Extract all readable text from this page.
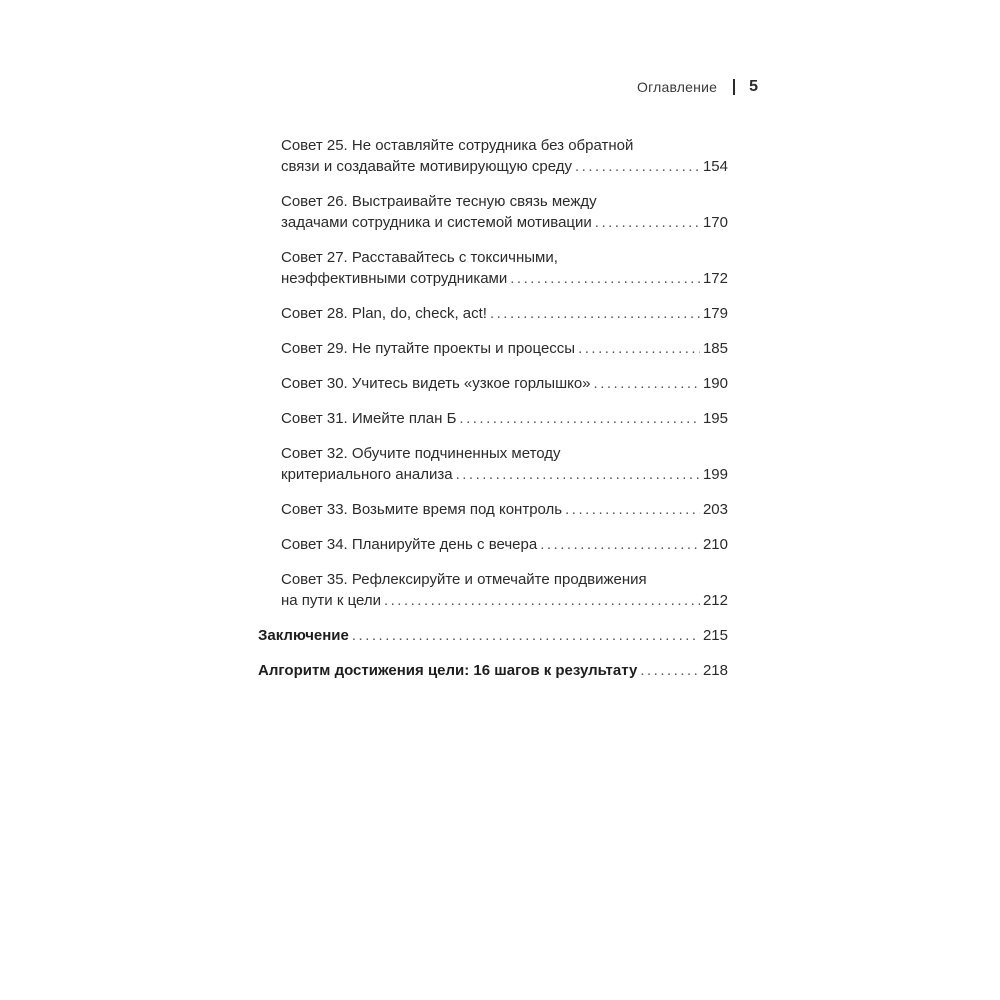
Оглавление 5
Совет 25. Не оставляйте сотрудника без обратной
связи и создавайте мотивирующую среду .....	154
Совет 26. Выстраивайте тесную связь между
задачами сотрудника и системой мотивации .....	170
Совет 27. Расставайтесь с токсичными,
неэффективными сотрудниками .....	172
Совет 28. Plan, do, check, act! .....	179
Совет 29. Не путайте проекты и процессы .....	185
Совет 30. Учитесь видеть «узкое горлышко» .....	190
Совет 31. Имейте план Б .....	195
Совет 32. Обучите подчиненных методу
критериального анализа .....	199
Совет 33. Возьмите время под контроль .....	203
Совет 34. Планируйте день с вечера .....	210
Совет 35. Рефлексируйте и отмечайте продвижения
на пути к цели .....	212
Заключение .....	215
Алгоритм достижения цели: 16 шагов к результату .....	218
